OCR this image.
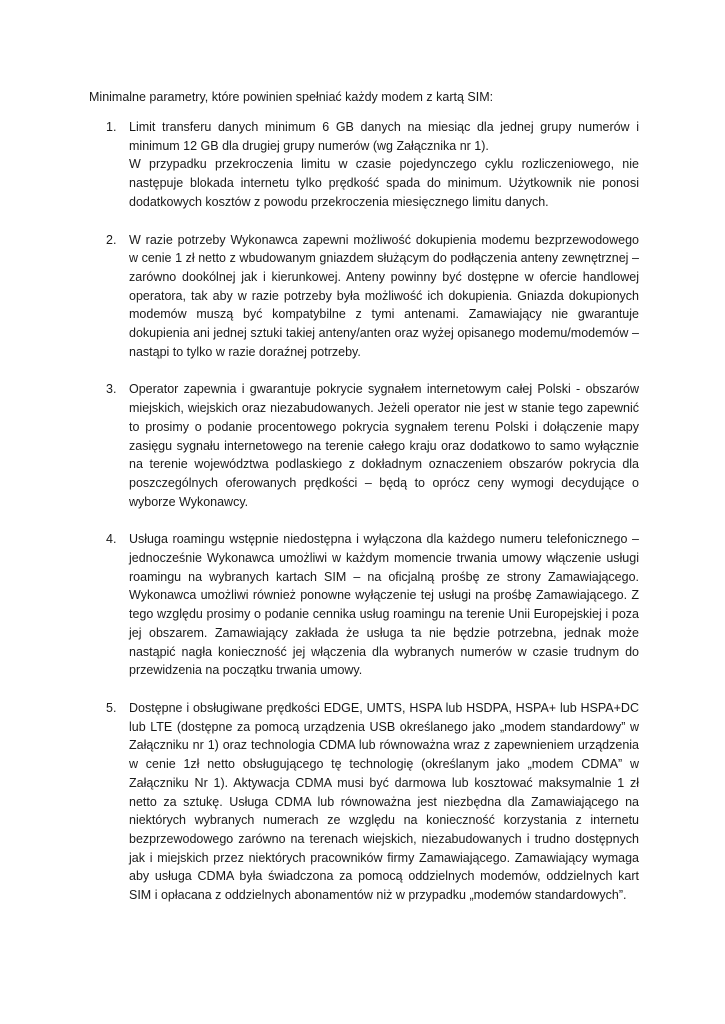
Minimalne parametry, które powinien spełniać każdy modem z kartą SIM:
1. Limit transferu danych minimum 6 GB danych na miesiąc dla jednej grupy numerów i minimum 12 GB dla drugiej grupy numerów (wg Załącznika nr 1).

W przypadku przekroczenia limitu w czasie pojedynczego cyklu rozliczeniowego, nie następuje blokada internetu tylko prędkość spada do minimum. Użytkownik nie ponosi dodatkowych kosztów z powodu przekroczenia miesięcznego limitu danych.

2. W razie potrzeby Wykonawca zapewni możliwość dokupienia modemu bezprzewodowego w cenie 1 zł netto z wbudowanym gniazdem służącym do podłączenia anteny zewnętrznej – zarówno dookólnej jak i kierunkowej. Anteny powinny być dostępne w ofercie handlowej operatora, tak aby w razie potrzeby była możliwość ich dokupienia. Gniazda dokupionych modemów muszą być kompatybilne z tymi antenami. Zamawiający nie gwarantuje dokupienia ani jednej sztuki takiej anteny/anten oraz wyżej opisanego modemu/modemów – nastąpi to tylko w razie doraźnej potrzeby.

3. Operator zapewnia i gwarantuje pokrycie sygnałem internetowym całej Polski - obszarów miejskich, wiejskich oraz niezabudowanych. Jeżeli operator nie jest w stanie tego zapewnić to prosimy o podanie procentowego pokrycia sygnałem terenu Polski i dołączenie mapy zasięgu sygnału internetowego na terenie całego kraju oraz dodatkowo to samo wyłącznie na terenie województwa podlaskiego z dokładnym oznaczeniem obszarów pokrycia dla poszczególnych oferowanych prędkości – będą to oprócz ceny wymogi decydujące o wyborze Wykonawcy.

4. Usługa roamingu wstępnie niedostępna i wyłączona dla każdego numeru telefonicznego – jednocześnie Wykonawca umożliwi w każdym momencie trwania umowy włączenie usługi roamingu na wybranych kartach SIM – na oficjalną prośbę ze strony Zamawiającego. Wykonawca umożliwi również ponowne wyłączenie tej usługi na prośbę Zamawiającego. Z tego względu prosimy o podanie cennika usług roamingu na terenie Unii Europejskiej i poza jej obszarem. Zamawiający zakłada że usługa ta nie będzie potrzebna, jednak może nastąpić nagła konieczność jej włączenia dla wybranych numerów w czasie trudnym do przewidzenia na początku trwania umowy.

5. Dostępne i obsługiwane prędkości EDGE, UMTS, HSPA lub HSDPA, HSPA+ lub HSPA+DC lub LTE (dostępne za pomocą urządzenia USB określanego jako „modem standardowy” w Załączniku nr 1) oraz technologia CDMA lub równoważna wraz z zapewnieniem urządzenia w cenie 1zł netto obsługującego tę technologię (określanym jako „modem CDMA” w Załączniku Nr 1). Aktywacja CDMA musi być darmowa lub kosztować maksymalnie 1 zł netto za sztukę. Usługa CDMA lub równoważna jest niezbędna dla Zamawiającego na niektórych wybranych numerach ze względu na konieczność korzystania z internetu bezprzewodowego zarówno na terenach wiejskich, niezabudowanych i trudno dostępnych jak i miejskich przez niektórych pracowników firmy Zamawiającego. Zamawiający wymaga aby usługa CDMA była świadczona za pomocą oddzielnych modemów, oddzielnych kart SIM i opłacana z oddzielnych abonamentów niż w przypadku „modemów standardowych”.
